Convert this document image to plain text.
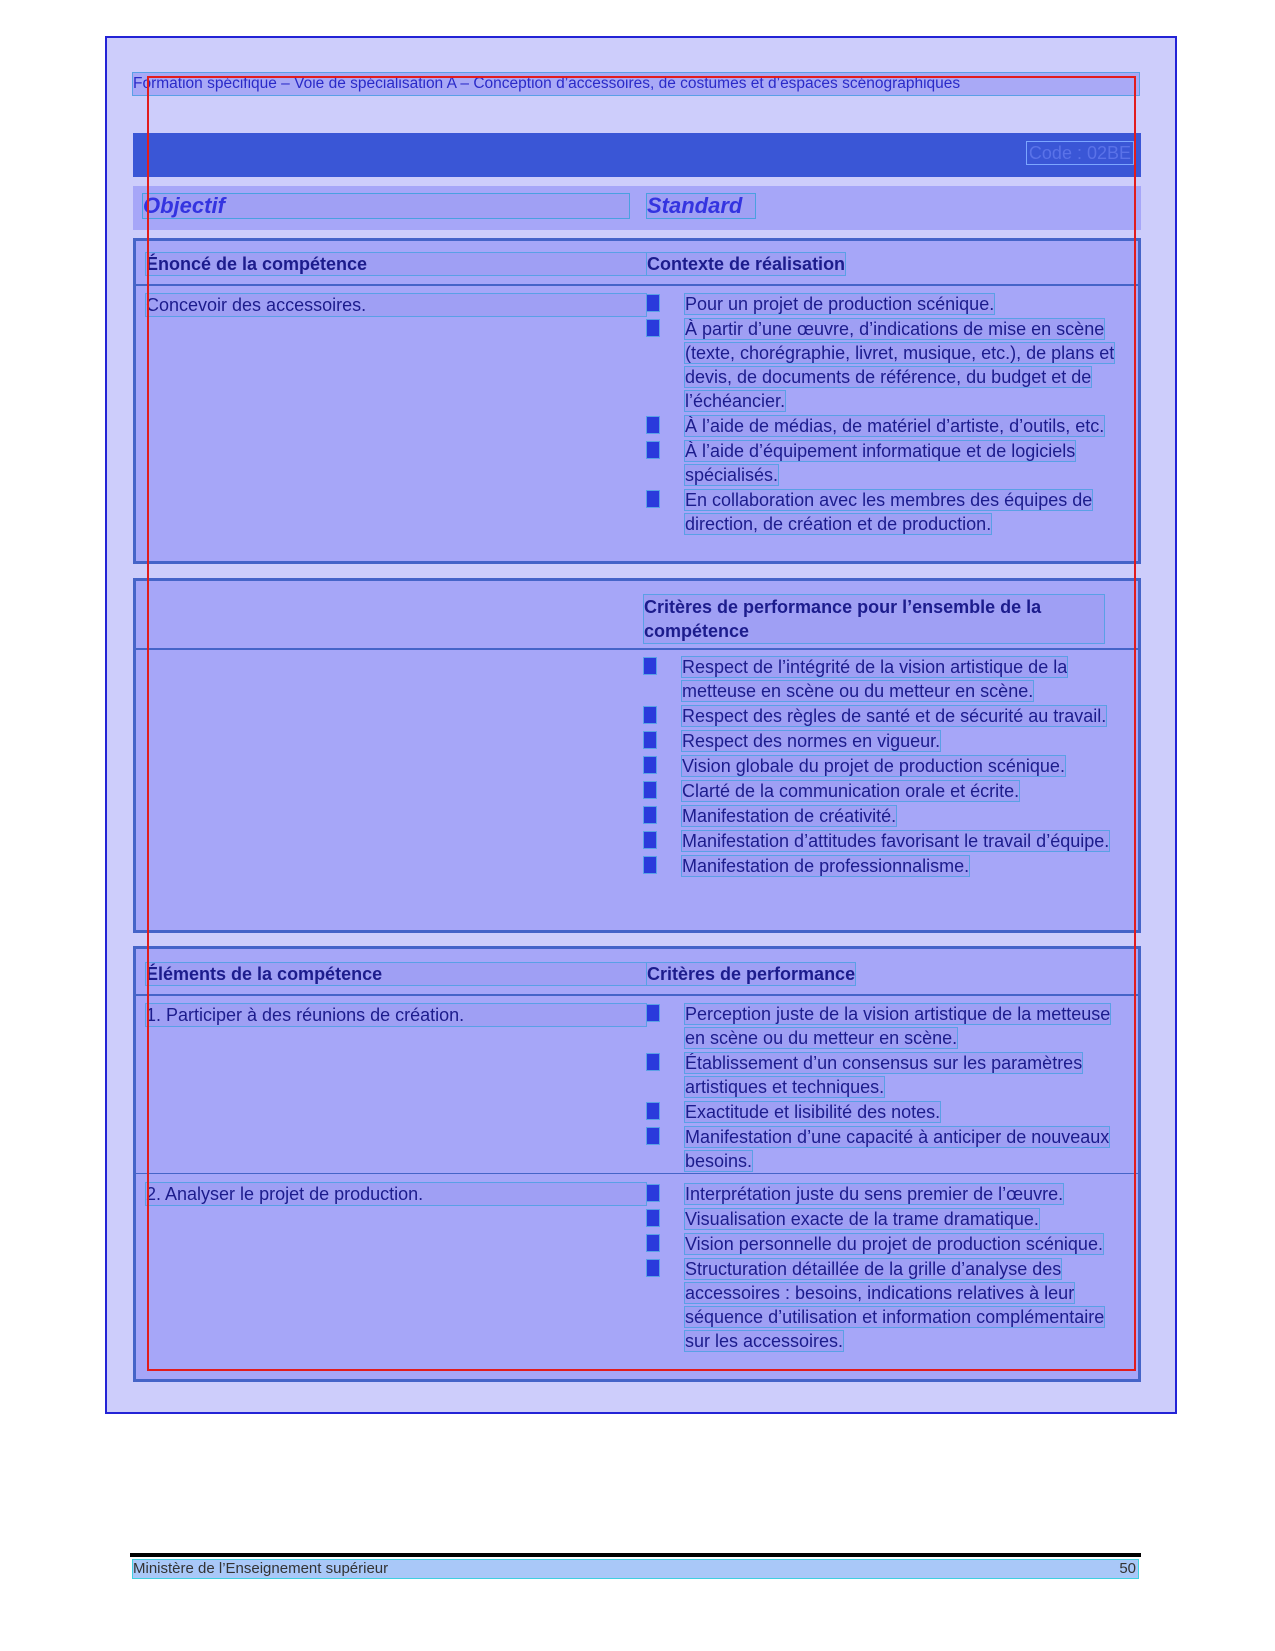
Formation spécifique – Voie de spécialisation A – Conception d’accessoires, de costumes et d’espaces scénographiques
Code : 02BE
Objectif	Standard
Énoncé de la compétence	Contexte de réalisation
Concevoir des accessoires.	Pour un projet de production scénique.
À partir d’une œuvre, d’indications de mise en scène (texte, chorégraphie, livret, musique, etc.), de plans et devis, de documents de référence, du budget et de l’échéancier.
À l’aide de médias, de matériel d’artiste, d’outils, etc.
À l’aide d’équipement informatique et de logiciels spécialisés.
En collaboration avec les membres des équipes de direction, de création et de production.
Critères de performance pour l’ensemble de la compétence
Respect de l’intégrité de la vision artistique de la metteuse en scène ou du metteur en scène.
Respect des règles de santé et de sécurité au travail.
Respect des normes en vigueur.
Vision globale du projet de production scénique.
Clarté de la communication orale et écrite.
Manifestation de créativité.
Manifestation d’attitudes favorisant le travail d’équipe.
Manifestation de professionnalisme.
Éléments de la compétence	Critères de performance
1. Participer à des réunions de création.	Perception juste de la vision artistique de la metteuse en scène ou du metteur en scène.
Établissement d’un consensus sur les paramètres artistiques et techniques.
Exactitude et lisibilité des notes.
Manifestation d’une capacité à anticiper de nouveaux besoins.
2. Analyser le projet de production.	Interprétation juste du sens premier de l’œuvre.
Visualisation exacte de la trame dramatique.
Vision personnelle du projet de production scénique.
Structuration détaillée de la grille d’analyse des accessoires : besoins, indications relatives à leur séquence d’utilisation et information complémentaire sur les accessoires.
Ministère de l’Enseignement supérieur	50
